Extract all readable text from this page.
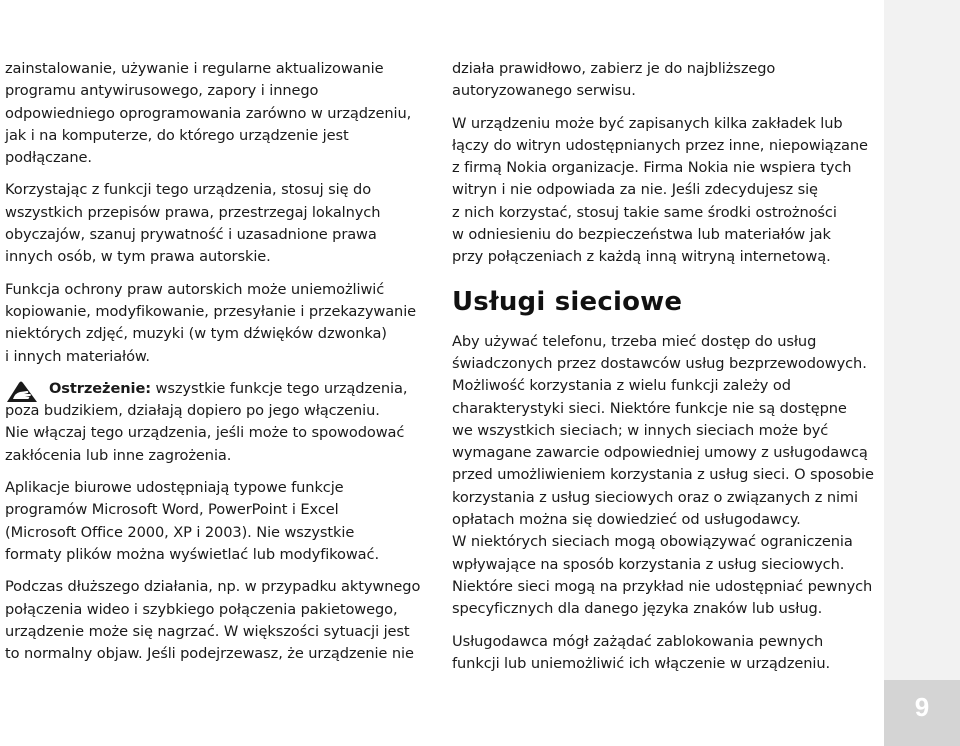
9

zainstalowanie, używanie i regularne aktualizowanie
programu antywirusowego, zapory i innego
odpowiedniego oprogramowania zarówno w urządzeniu,
jak i na komputerze, do którego urządzenie jest
podłączane.

Korzystając z funkcji tego urządzenia, stosuj się do
wszystkich przepisów prawa, przestrzegaj lokalnych
obyczajów, szanuj prywatność i uzasadnione prawa
innych osób, w tym prawa autorskie.

Funkcja ochrony praw autorskich może uniemożliwić
kopiowanie, modyfikowanie, przesyłanie i przekazywanie
niektórych zdjęć, muzyki (w tym dźwięków dzwonka)
i innych materiałów.

Ostrzeżenie: wszystkie funkcje tego urządzenia,
poza budzikiem, działają dopiero po jego włączeniu.
Nie włączaj tego urządzenia, jeśli może to spowodować
zakłócenia lub inne zagrożenia.

Aplikacje biurowe udostępniają typowe funkcje
programów Microsoft Word, PowerPoint i Excel
(Microsoft Office 2000, XP i 2003). Nie wszystkie
formaty plików można wyświetlać lub modyfikować.

Podczas dłuższego działania, np. w przypadku aktywnego
połączenia wideo i szybkiego połączenia pakietowego,
urządzenie może się nagrzać. W większości sytuacji jest
to normalny objaw. Jeśli podejrzewasz, że urządzenie nie

działa prawidłowo, zabierz je do najbliższego
autoryzowanego serwisu.

W urządzeniu może być zapisanych kilka zakładek lub
łączy do witryn udostępnianych przez inne, niepowiązane
z firmą Nokia organizacje. Firma Nokia nie wspiera tych
witryn i nie odpowiada za nie. Jeśli zdecydujesz się
z nich korzystać, stosuj takie same środki ostrożności
w odniesieniu do bezpieczeństwa lub materiałów jak
przy połączeniach z każdą inną witryną internetową.

Usługi sieciowe

Aby używać telefonu, trzeba mieć dostęp do usług
świadczonych przez dostawców usług bezprzewodowych.
Możliwość korzystania z wielu funkcji zależy od
charakterystyki sieci. Niektóre funkcje nie są dostępne
we wszystkich sieciach; w innych sieciach może być
wymagane zawarcie odpowiedniej umowy z usługodawcą
przed umożliwieniem korzystania z usług sieci. O sposobie
korzystania z usług sieciowych oraz o związanych z nimi
opłatach można się dowiedzieć od usługodawcy.
W niektórych sieciach mogą obowiązywać ograniczenia
wpływające na sposób korzystania z usług sieciowych.
Niektóre sieci mogą na przykład nie udostępniać pewnych
specyficznych dla danego języka znaków lub usług.

Usługodawca mógł zażądać zablokowania pewnych
funkcji lub uniemożliwić ich włączenie w urządzeniu.
